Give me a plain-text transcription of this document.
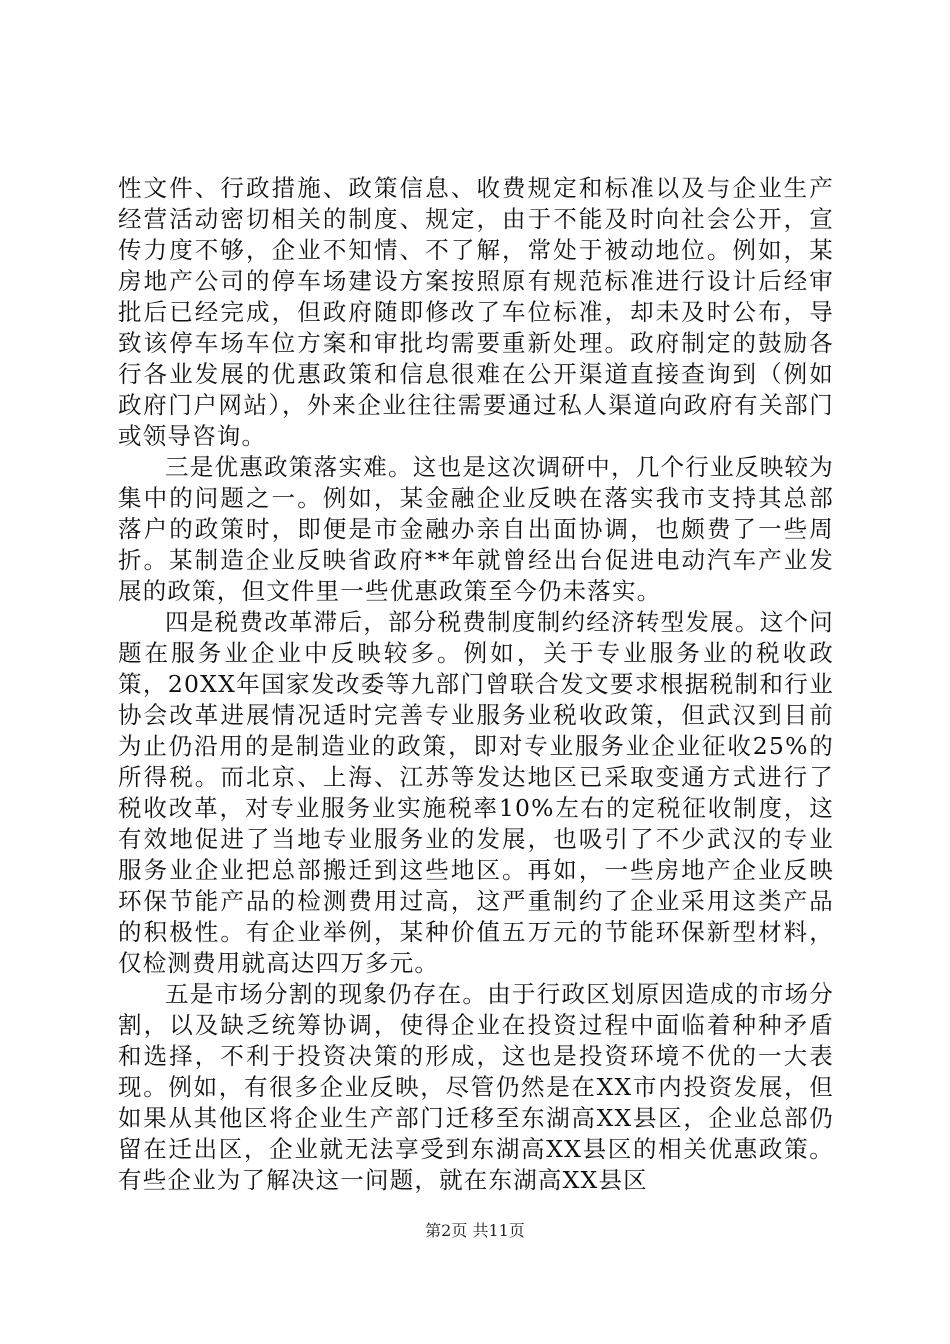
性文件、行政措施、政策信息、收费规定和标准以及与企业生产经营活动密切相关的制度、规定，由于不能及时向社会公开，宣传力度不够，企业不知情、不了解，常处于被动地位。例如，某房地产公司的停车场建设方案按照原有规范标准进行设计后经审批后已经完成，但政府随即修改了车位标准，却未及时公布，导致该停车场车位方案和审批均需要重新处理。政府制定的鼓励各行各业发展的优惠政策和信息很难在公开渠道直接查询到（例如政府门户网站），外来企业往往需要通过私人渠道向政府有关部门或领导咨询。

三是优惠政策落实难。这也是这次调研中，几个行业反映较为集中的问题之一。例如，某金融企业反映在落实我市支持其总部落户的政策时，即便是市金融办亲自出面协调，也颇费了一些周折。某制造企业反映省政府**年就曾经出台促进电动汽车产业发展的政策，但文件里一些优惠政策至今仍未落实。

四是税费改革滞后，部分税费制度制约经济转型发展。这个问题在服务业企业中反映较多。例如，关于专业服务业的税收政策，20XX年国家发改委等九部门曾联合发文要求根据税制和行业协会改革进展情况适时完善专业服务业税收政策，但武汉到目前为止仍沿用的是制造业的政策，即对专业服务业企业征收25%的所得税。而北京、上海、江苏等发达地区已采取变通方式进行了税收改革，对专业服务业实施税率10%左右的定税征收制度，这有效地促进了当地专业服务业的发展，也吸引了不少武汉的专业服务业企业把总部搬迁到这些地区。再如，一些房地产企业反映环保节能产品的检测费用过高，这严重制约了企业采用这类产品的积极性。有企业举例，某种价值五万元的节能环保新型材料，仅检测费用就高达四万多元。

五是市场分割的现象仍存在。由于行政区划原因造成的市场分割，以及缺乏统筹协调，使得企业在投资过程中面临着种种矛盾和选择，不利于投资决策的形成，这也是投资环境不优的一大表现。例如，有很多企业反映，尽管仍然是在XX市内投资发展，但如果从其他区将企业生产部门迁移至东湖高XX县区，企业总部仍留在迁出区，企业就无法享受到东湖高XX县区的相关优惠政策。有些企业为了解决这一问题，就在东湖高XX县区

第2页 共11页
